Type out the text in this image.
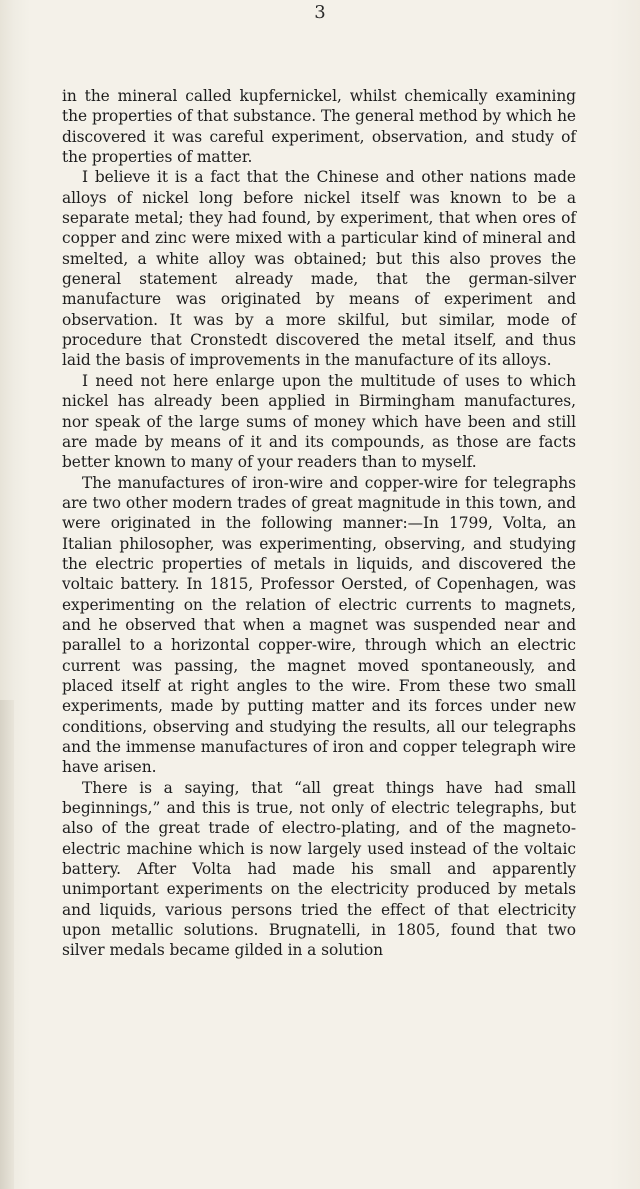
3

in the mineral called kupfernickel, whilst chemically examining the properties of that substance. The general method by which he discovered it was careful experiment, observation, and study of the properties of matter.

I believe it is a fact that the Chinese and other nations made alloys of nickel long before nickel itself was known to be a separate metal; they had found, by experiment, that when ores of copper and zinc were mixed with a particular kind of mineral and smelted, a white alloy was obtained; but this also proves the general statement already made, that the german-silver manufacture was originated by means of experiment and observation. It was by a more skilful, but similar, mode of procedure that Cronstedt discovered the metal itself, and thus laid the basis of improvements in the manufacture of its alloys.

I need not here enlarge upon the multitude of uses to which nickel has already been applied in Birmingham manufactures, nor speak of the large sums of money which have been and still are made by means of it and its compounds, as those are facts better known to many of your readers than to myself.

The manufactures of iron-wire and copper-wire for telegraphs are two other modern trades of great magnitude in this town, and were originated in the following manner:—In 1799, Volta, an Italian philosopher, was experimenting, observing, and studying the electric properties of metals in liquids, and discovered the voltaic battery. In 1815, Professor Oersted, of Copenhagen, was experimenting on the relation of electric currents to magnets, and he observed that when a magnet was suspended near and parallel to a horizontal copper-wire, through which an electric current was passing, the magnet moved spontaneously, and placed itself at right angles to the wire. From these two small experiments, made by putting matter and its forces under new conditions, observing and studying the results, all our telegraphs and the immense manufactures of iron and copper telegraph wire have arisen.

There is a saying, that “all great things have had small beginnings,” and this is true, not only of electric telegraphs, but also of the great trade of electro-plating, and of the magneto-electric machine which is now largely used instead of the voltaic battery. After Volta had made his small and apparently unimportant experiments on the electricity produced by metals and liquids, various persons tried the effect of that electricity upon metallic solutions. Brugnatelli, in 1805, found that two silver medals became gilded in a solution
